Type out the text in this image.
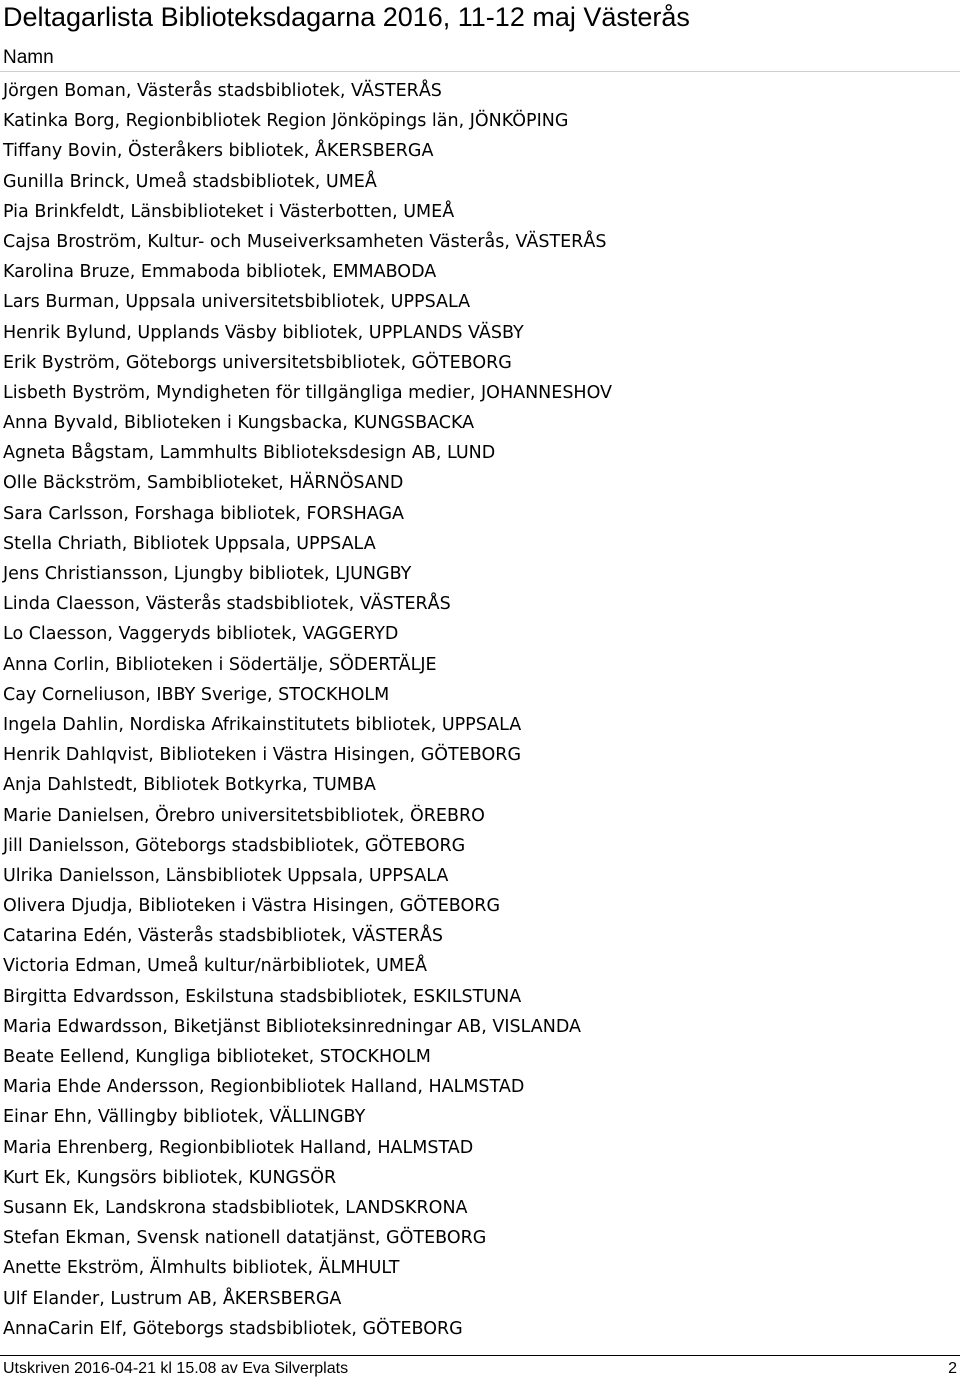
Deltagarlista Biblioteksdagarna 2016, 11-12 maj Västerås
Namn
Jörgen Boman, Västerås stadsbibliotek, VÄSTERÅS
Katinka Borg, Regionbibliotek Region Jönköpings län, JÖNKÖPING
Tiffany Bovin, Österåkers bibliotek, ÅKERSBERGA
Gunilla Brinck, Umeå stadsbibliotek, UMEÅ
Pia Brinkfeldt, Länsbiblioteket i Västerbotten, UMEÅ
Cajsa Broström, Kultur- och Museiverksamheten Västerås, VÄSTERÅS
Karolina Bruze, Emmaboda bibliotek, EMMABODA
Lars Burman, Uppsala universitetsbibliotek, UPPSALA
Henrik Bylund, Upplands Väsby bibliotek, UPPLANDS VÄSBY
Erik Byström, Göteborgs universitetsbibliotek, GÖTEBORG
Lisbeth Byström, Myndigheten för tillgängliga medier, JOHANNESHOV
Anna Byvald, Biblioteken i Kungsbacka, KUNGSBACKA
Agneta Bågstam, Lammhults Biblioteksdesign AB, LUND
Olle Bäckström, Sambiblioteket, HÄRNÖSAND
Sara Carlsson, Forshaga bibliotek, FORSHAGA
Stella Chriath, Bibliotek Uppsala, UPPSALA
Jens Christiansson, Ljungby bibliotek, LJUNGBY
Linda Claesson, Västerås stadsbibliotek, VÄSTERÅS
Lo Claesson, Vaggeryds bibliotek, VAGGERYD
Anna Corlin, Biblioteken i Södertälje, SÖDERTÄLJE
Cay Corneliuson, IBBY Sverige, STOCKHOLM
Ingela Dahlin, Nordiska Afrikainstitutets bibliotek, UPPSALA
Henrik Dahlqvist, Biblioteken i Västra Hisingen, GÖTEBORG
Anja Dahlstedt, Bibliotek Botkyrka, TUMBA
Marie Danielsen, Örebro universitetsbibliotek, ÖREBRO
Jill Danielsson, Göteborgs stadsbibliotek, GÖTEBORG
Ulrika Danielsson, Länsbibliotek Uppsala, UPPSALA
Olivera Djudja, Biblioteken i Västra Hisingen, GÖTEBORG
Catarina Edén, Västerås stadsbibliotek, VÄSTERÅS
Victoria Edman, Umeå kultur/närbibliotek, UMEÅ
Birgitta Edvardsson, Eskilstuna stadsbibliotek, ESKILSTUNA
Maria Edwardsson, Biketjänst Biblioteksinredningar AB, VISLANDA
Beate Eellend, Kungliga biblioteket, STOCKHOLM
Maria Ehde Andersson, Regionbibliotek Halland, HALMSTAD
Einar Ehn, Vällingby bibliotek, VÄLLINGBY
Maria Ehrenberg, Regionbibliotek Halland, HALMSTAD
Kurt Ek, Kungsörs bibliotek, KUNGSÖR
Susann Ek, Landskrona stadsbibliotek, LANDSKRONA
Stefan Ekman, Svensk nationell datatjänst, GÖTEBORG
Anette Ekström, Älmhults bibliotek, ÄLMHULT
Ulf Elander, Lustrum AB, ÅKERSBERGA
AnnaCarin Elf, Göteborgs stadsbibliotek, GÖTEBORG
Utskriven 2016-04-21 kl 15.08 av Eva Silverplats	2
